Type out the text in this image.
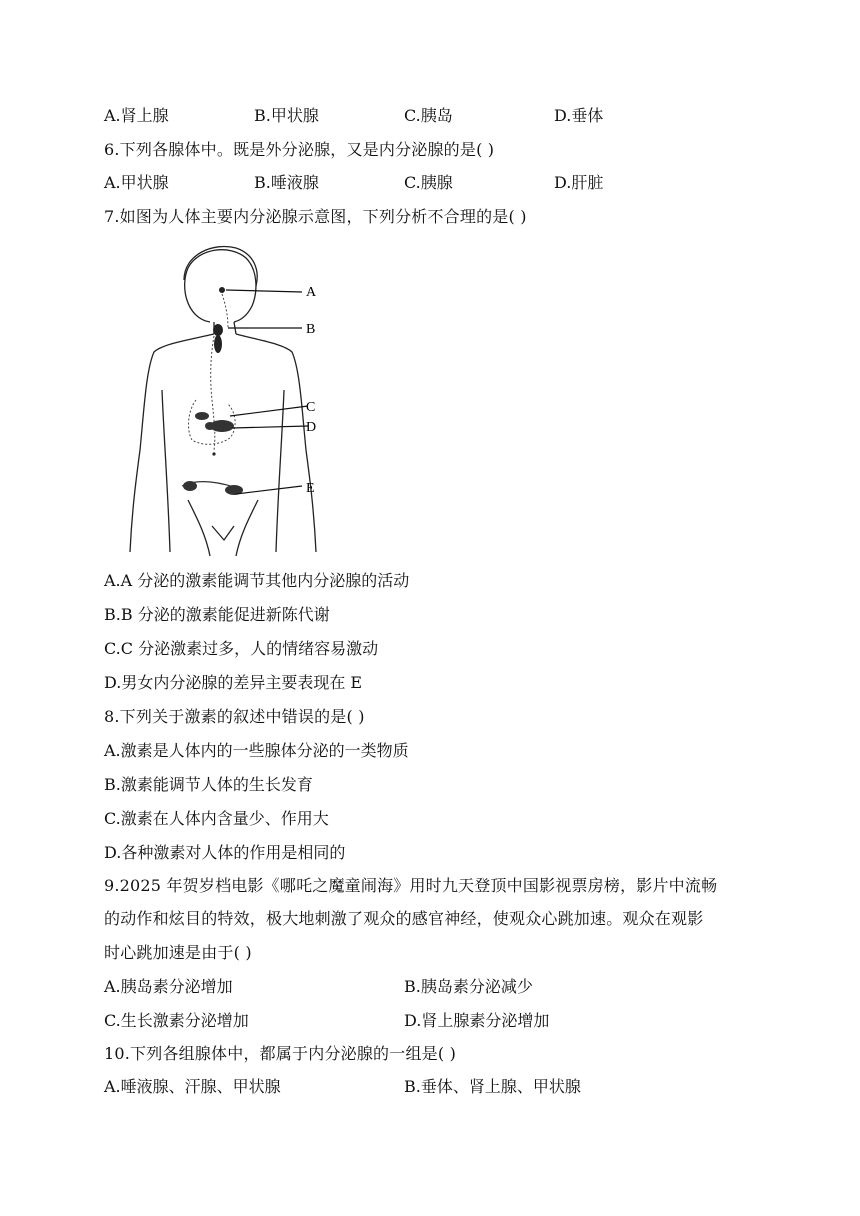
A.肾上腺	B.甲状腺	C.胰岛	D.垂体
6.下列各腺体中。既是外分泌腺，又是内分泌腺的是( )
A.甲状腺	B.唾液腺	C.胰腺	D.肝脏
7.如图为人体主要内分泌腺示意图，下列分析不合理的是( )
A
B
C
D
E
A.A 分泌的激素能调节其他内分泌腺的活动
B.B 分泌的激素能促进新陈代谢
C.C 分泌激素过多，人的情绪容易激动
D.男女内分泌腺的差异主要表现在 E
8.下列关于激素的叙述中错误的是( )
A.激素是人体内的一些腺体分泌的一类物质
B.激素能调节人体的生长发育
C.激素在人体内含量少、作用大
D.各种激素对人体的作用是相同的
9.2025 年贺岁档电影《哪吒之魔童闹海》用时九天登顶中国影视票房榜，影片中流畅
的动作和炫目的特效，极大地刺激了观众的感官神经，使观众心跳加速。观众在观影
时心跳加速是由于( )
A.胰岛素分泌增加	B.胰岛素分泌减少
C.生长激素分泌增加	D.肾上腺素分泌增加
10.下列各组腺体中，都属于内分泌腺的一组是( )
A.唾液腺、汗腺、甲状腺	B.垂体、肾上腺、甲状腺
